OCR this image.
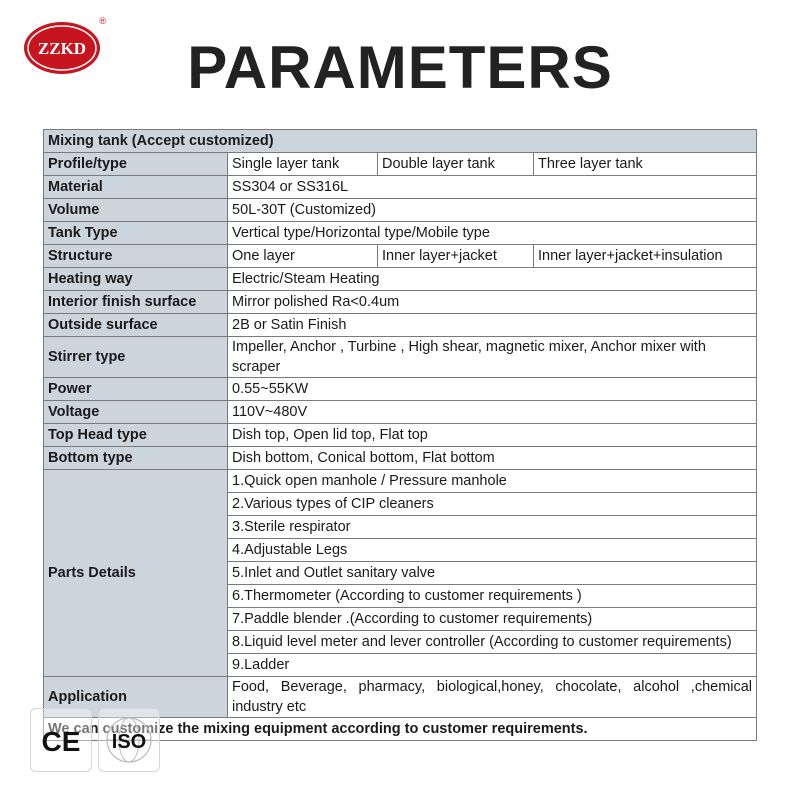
ZZKD
®
PARAMETERS
Mixing tank (Accept customized)			
Profile/type	Single layer tank	Double layer tank	Three layer tank
Material	SS304 or SS316L		
Volume	50L-30T (Customized)		
Tank Type	Vertical type/Horizontal type/Mobile type		
Structure	One layer	Inner layer+jacket	Inner layer+jacket+insulation
Heating way	Electric/Steam Heating		
Interior finish surface	Mirror polished Ra<0.4um		
Outside surface	2B or Satin Finish		
Stirrer type	Impeller, Anchor , Turbine , High shear, magnetic mixer, Anchor mixer with scraper		
Power	0.55~55KW		
Voltage	110V~480V		
Top Head type	Dish top, Open lid top, Flat top		
Bottom type	Dish bottom, Conical bottom, Flat bottom		
Parts Details	1.Quick open manhole / Pressure manhole		
	2.Various types of CIP cleaners		
	3.Sterile respirator		
	4.Adjustable Legs		
	5.Inlet and Outlet sanitary valve		
	6.Thermometer (According to customer requirements )		
	7.Paddle blender .(According to customer requirements)		
	8.Liquid level meter and lever controller (According to customer requirements)		
	9.Ladder		
Application	Food, Beverage, pharmacy, biological,honey, chocolate, alcohol ,chemical industry etc		
We can customize the mixing equipment according to customer requirements.			
CE ISO
